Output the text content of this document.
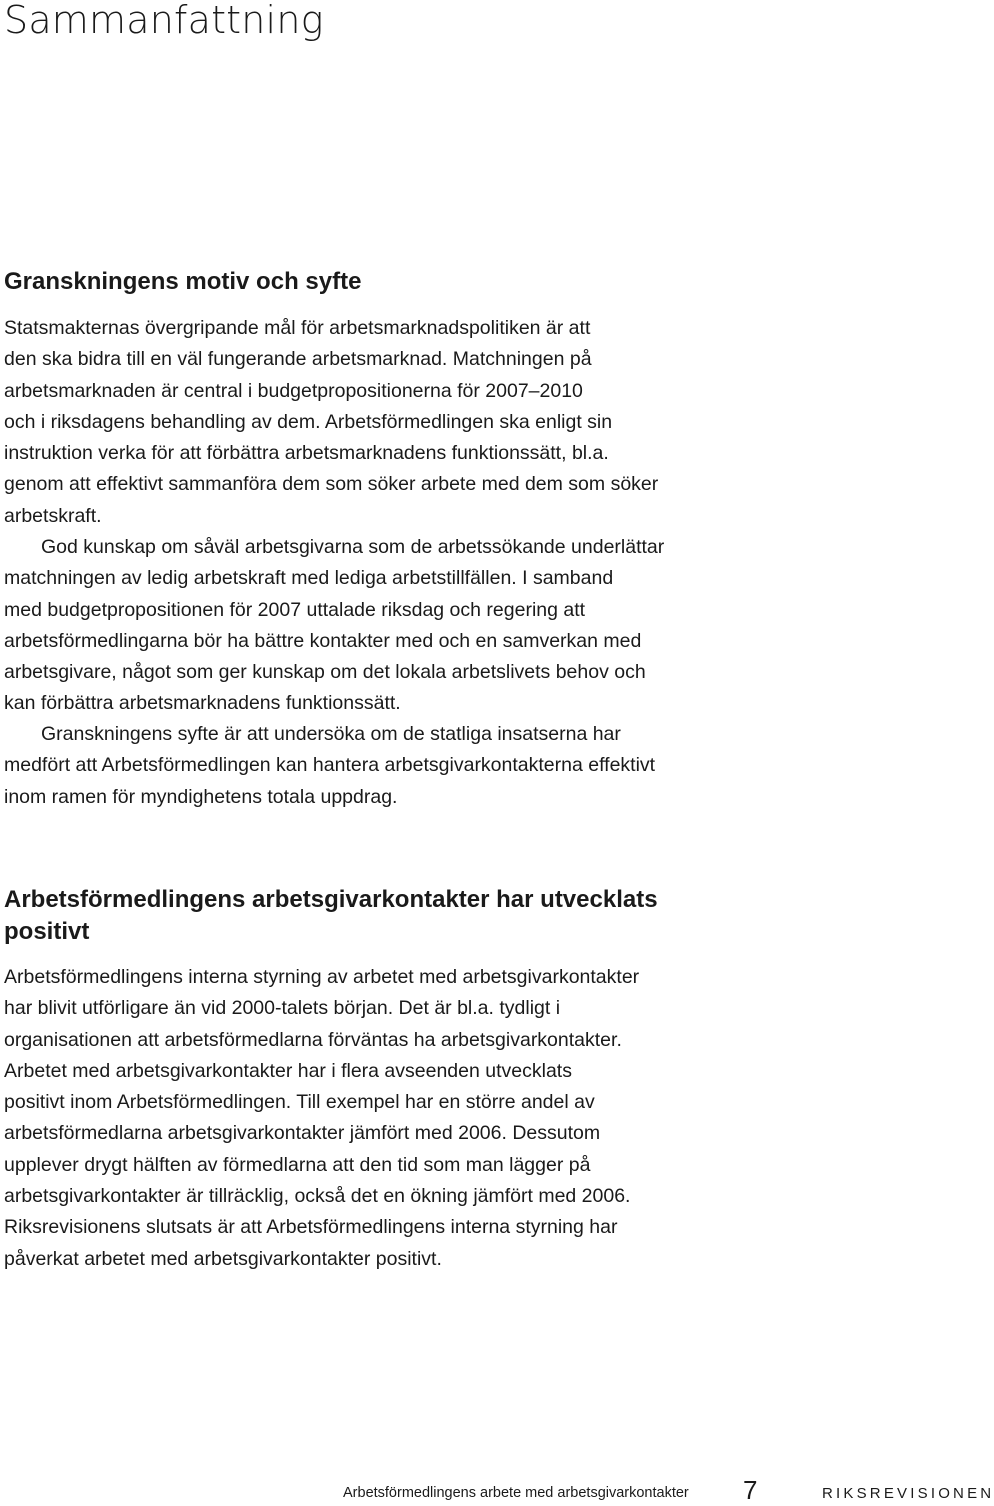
Sammanfattning
Granskningens motiv och syfte
Statsmakternas övergripande mål för arbetsmarknadspolitiken är att
den ska bidra till en väl fungerande arbetsmarknad. Matchningen på
arbetsmarknaden är central i budgetpropositionerna för 2007–2010
och i riksdagens behandling av dem. Arbetsförmedlingen ska enligt sin
instruktion verka för att förbättra arbetsmarknadens funktionssätt, bl.a.
genom att effektivt sammanföra dem som söker arbete med dem som söker
arbetskraft.
God kunskap om såväl arbetsgivarna som de arbetssökande underlättar
matchningen av ledig arbetskraft med lediga arbetstillfällen. I samband
med budgetpropositionen för 2007 uttalade riksdag och regering att
arbetsförmedlingarna bör ha bättre kontakter med och en samverkan med
arbetsgivare, något som ger kunskap om det lokala arbetslivets behov och
kan förbättra arbetsmarknadens funktionssätt.
Granskningens syfte är att undersöka om de statliga insatserna har
medfört att Arbetsförmedlingen kan hantera arbetsgivarkontakterna effektivt
inom ramen för myndighetens totala uppdrag.
Arbetsförmedlingens arbetsgivarkontakter har utvecklats
positivt
Arbetsförmedlingens interna styrning av arbetet med arbetsgivarkontakter
har blivit utförligare än vid 2000-talets början. Det är bl.a. tydligt i
organisationen att arbetsförmedlarna förväntas ha arbetsgivarkontakter.
Arbetet med arbetsgivarkontakter har i flera avseenden utvecklats
positivt inom Arbetsförmedlingen. Till exempel har en större andel av
arbetsförmedlarna arbetsgivarkontakter jämfört med 2006. Dessutom
upplever drygt hälften av förmedlarna att den tid som man lägger på
arbetsgivarkontakter är tillräcklig, också det en ökning jämfört med 2006.
Riksrevisionens slutsats är att Arbetsförmedlingens interna styrning har
påverkat arbetet med arbetsgivarkontakter positivt.
Arbetsförmedlingens arbete med arbetsgivarkontakter 7	RIKSREVISIONEN
